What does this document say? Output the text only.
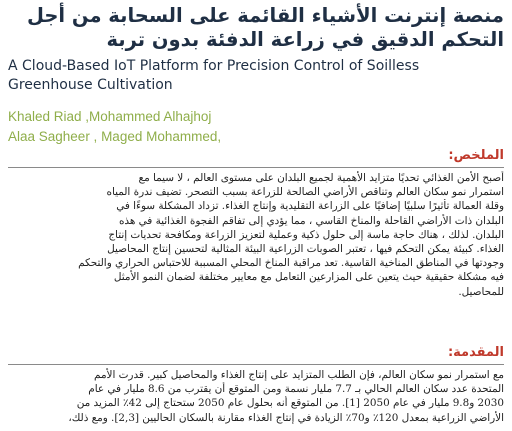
منصة إنترنت الأشياء القائمة على السحابة من أجل التحكم الدقيق في زراعة الدفئة بدون تربة
A Cloud-Based IoT Platform for Precision Control of Soilless Greenhouse Cultivation
Khaled Riad ,Mohammed Alhajhoj
Alaa Sagheer , Maged Mohammed,
الملخص:
أصبح الأمن الغذائي تحديًا متزايد الأهمية لجميع البلدان على مستوى العالم ، لا سيما مع
استمرار نمو سكان العالم وتناقص الأراضي الصالحة للزراعة بسبب التصحر. تضيف ندرة المياه
وقلة العمالة تأثيرًا سلبيًا إضافيًا على الزراعة التقليدية وإنتاج الغذاء. تزداد المشكلة سوءًا في
البلدان ذات الأراضي القاحلة والمناخ القاسي ، مما يؤدي إلى تفاقم الفجوة الغذائية في هذه
البلدان. لذلك ، هناك حاجة ماسة إلى حلول ذكية وعملية لتعزيز الزراعة ومكافحة تحديات إنتاج
الغذاء. كبيئة يمكن التحكم فيها ، تعتبر الصوبات الزراعية البيئة المثالية لتحسين إنتاج المحاصيل
وجودتها في المناطق المناخية القاسية. تعد مراقبة المناخ المحلي المسببة للاحتباس الحراري والتحكم
فيه مشكلة حقيقية حيث يتعين على المزارعين التعامل مع معايير مختلفة لضمان النمو الأمثل
للمحاصيل.
المقدمة:
مع استمرار نمو سكان العالم، فإن الطلب المتزايد على إنتاج الغذاء والمحاصيل كبير. قدرت الأمم
المتحدة عدد سكان العالم الحالي بـ 7.7 مليار نسمة ومن المتوقع أن يقترب من 8.6 مليار في عام
2030 و9.8 مليار في عام 2050 [1]. من المتوقع أنه بحلول عام 2050 ستحتاج إلى 42٪ المزيد من
الأراضي الزراعية بمعدل 120٪ و70٪ الزيادة في إنتاج الغذاء مقارنة بالسكان الحاليين [2,3]. ومع ذلك،
